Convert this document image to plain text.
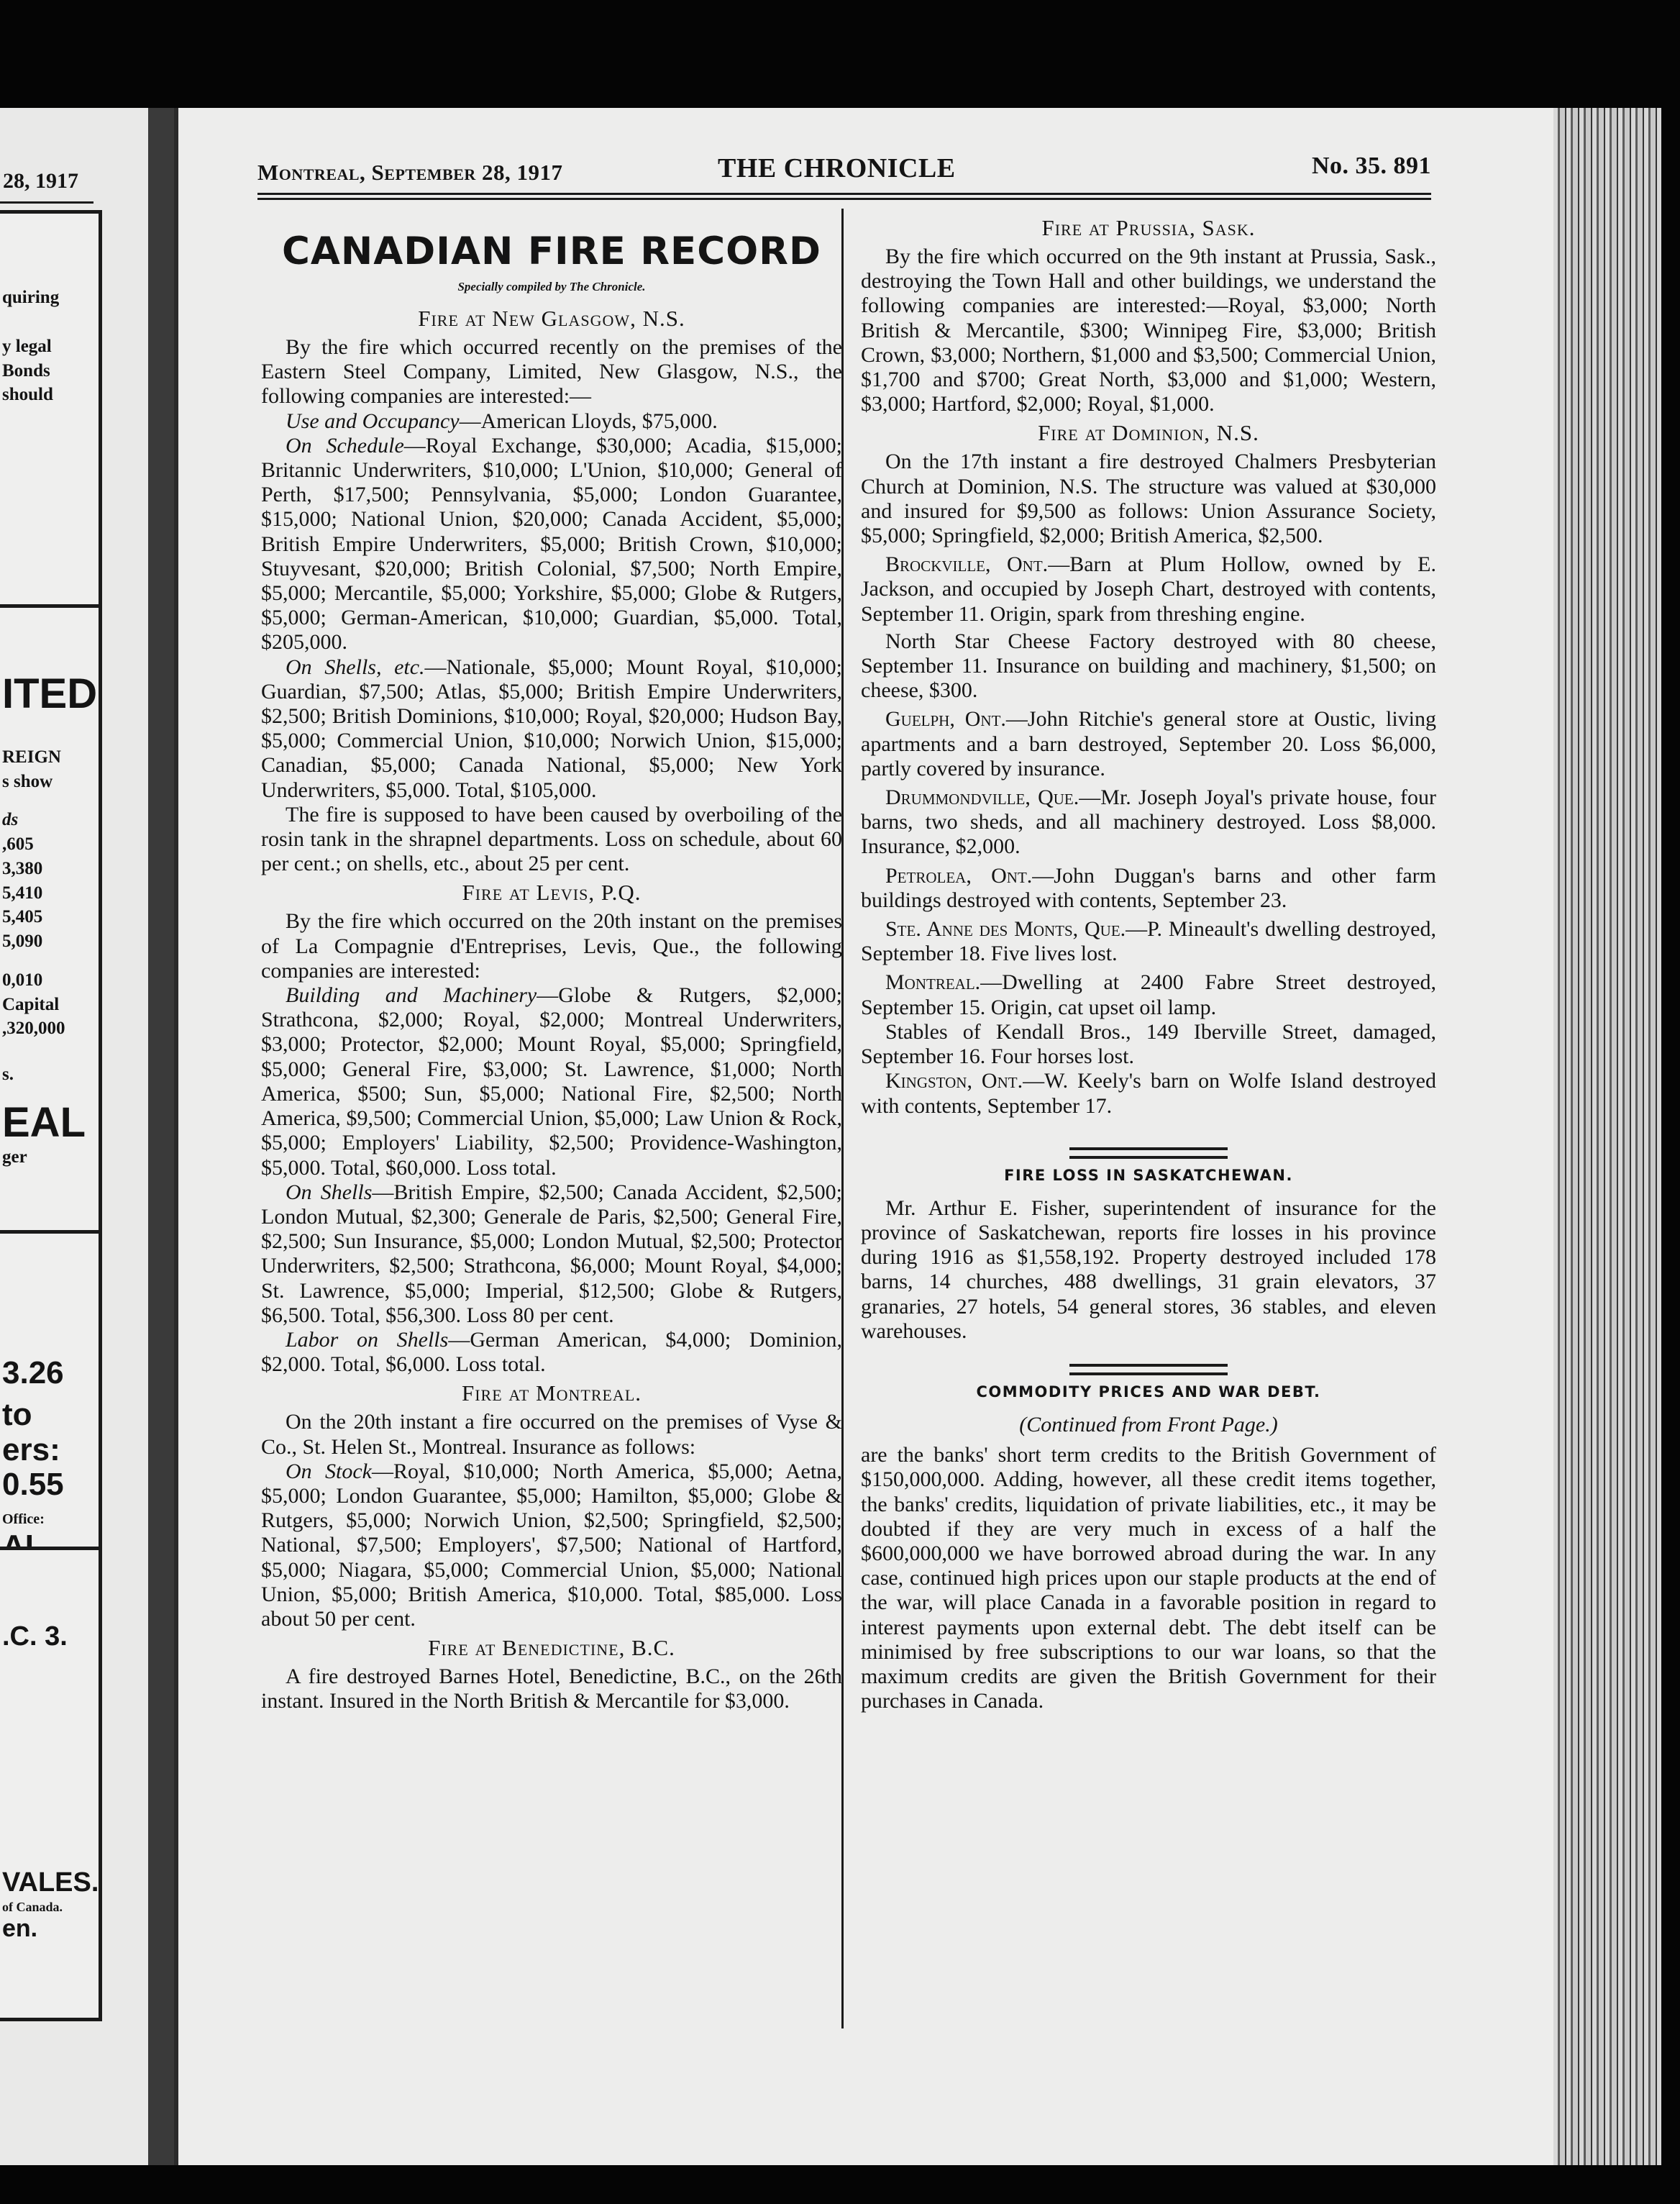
28, 1917
quiring
y legal
Bonds
should
ITED
REIGN
s show
ds
,605
3,380
5,410
5,405
5,090
0,010
Capital
,320,000
s.
EAL
ger
3.26
to
ers:
0.55
Office:
.C. 3.
VALES.
of Canada.
en.
Montreal, September 28, 1917	THE CHRONICLE	No. 35. 891
CANADIAN FIRE RECORD
Specially compiled by The Chronicle.
Fire at New Glasgow, N.S.

By the fire which occurred recently on the premises of the Eastern Steel Company, Limited, New Glasgow, N.S., the following companies are interested:—

Use and Occupancy—American Lloyds, $75,000.

On Schedule—Royal Exchange, $30,000; Acadia, $15,000; Britannic Underwriters, $10,000; L'Union, $10,000; General of Perth, $17,500; Pennsylvania, $5,000; London Guarantee, $15,000; National Union, $20,000; Canada Accident, $5,000; British Empire Underwriters, $5,000; British Crown, $10,000; Stuyvesant, $20,000; British Colonial, $7,500; North Empire, $5,000; Mercantile, $5,000; Yorkshire, $5,000; Globe & Rutgers, $5,000; German-American, $10,000; Guardian, $5,000. Total, $205,000.

On Shells, etc.—Nationale, $5,000; Mount Royal, $10,000; Guardian, $7,500; Atlas, $5,000; British Empire Underwriters, $2,500; British Dominions, $10,000; Royal, $20,000; Hudson Bay, $5,000; Commercial Union, $10,000; Norwich Union, $15,000; Canadian, $5,000; Canada National, $5,000; New York Underwriters, $5,000. Total, $105,000.

The fire is supposed to have been caused by overboiling of the rosin tank in the shrapnel departments. Loss on schedule, about 60 per cent.; on shells, etc., about 25 per cent.

Fire at Levis, P.Q.

By the fire which occurred on the 20th instant on the premises of La Compagnie d'Entreprises, Levis, Que., the following companies are interested:

Building and Machinery—Globe & Rutgers, $2,000; Strathcona, $2,000; Royal, $2,000; Montreal Underwriters, $3,000; Protector, $2,000; Mount Royal, $5,000; Springfield, $5,000; General Fire, $3,000; St. Lawrence, $1,000; North America, $500; Sun, $5,000; National Fire, $2,500; North America, $9,500; Commercial Union, $5,000; Law Union & Rock, $5,000; Employers' Liability, $2,500; Providence-Washington, $5,000. Total, $60,000. Loss total.

On Shells—British Empire, $2,500; Canada Accident, $2,500; London Mutual, $2,300; Generale de Paris, $2,500; General Fire, $2,500; Sun Insurance, $5,000; London Mutual, $2,500; Protector Underwriters, $2,500; Strathcona, $6,000; Mount Royal, $4,000; St. Lawrence, $5,000; Imperial, $12,500; Globe & Rutgers, $6,500. Total, $56,300. Loss 80 per cent.

Labor on Shells—German American, $4,000; Dominion, $2,000. Total, $6,000. Loss total.

Fire at Montreal.

On the 20th instant a fire occurred on the premises of Vyse & Co., St. Helen St., Montreal. Insurance as follows:

On Stock—Royal, $10,000; North America, $5,000; Aetna, $5,000; London Guarantee, $5,000; Hamilton, $5,000; Globe & Rutgers, $5,000; Norwich Union, $2,500; Springfield, $2,500; National, $7,500; Employers', $7,500; National of Hartford, $5,000; Niagara, $5,000; Commercial Union, $5,000; National Union, $5,000; British America, $10,000. Total, $85,000. Loss about 50 per cent.

Fire at Benedictine, B.C.

A fire destroyed Barnes Hotel, Benedictine, B.C., on the 26th instant. Insured in the North British & Mercantile for $3,000.

Fire at Prussia, Sask.

By the fire which occurred on the 9th instant at Prussia, Sask., destroying the Town Hall and other buildings, we understand the following companies are interested:—Royal, $3,000; North British & Mercantile, $300; Winnipeg Fire, $3,000; British Crown, $3,000; Northern, $1,000 and $3,500; Commercial Union, $1,700 and $700; Great North, $3,000 and $1,000; Western, $3,000; Hartford, $2,000; Royal, $1,000.

Fire at Dominion, N.S.

On the 17th instant a fire destroyed Chalmers Presbyterian Church at Dominion, N.S. The structure was valued at $30,000 and insured for $9,500 as follows: Union Assurance Society, $5,000; Springfield, $2,000; British America, $2,500.

Brockville, Ont.—Barn at Plum Hollow, owned by E. Jackson, and occupied by Joseph Chart, destroyed with contents, September 11. Origin, spark from threshing engine.

North Star Cheese Factory destroyed with 80 cheese, September 11. Insurance on building and machinery, $1,500; on cheese, $300.

Guelph, Ont.—John Ritchie's general store at Oustic, living apartments and a barn destroyed, September 20. Loss $6,000, partly covered by insurance.

Drummondville, Que.—Mr. Joseph Joyal's private house, four barns, two sheds, and all machinery destroyed. Loss $8,000. Insurance, $2,000.

Petrolea, Ont.—John Duggan's barns and other farm buildings destroyed with contents, September 23.

Ste. Anne des Monts, Que.—P. Mineault's dwelling destroyed, September 18. Five lives lost.

Montreal.—Dwelling at 2400 Fabre Street destroyed, September 15. Origin, cat upset oil lamp.

Stables of Kendall Bros., 149 Iberville Street, damaged, September 16. Four horses lost.

Kingston, Ont.—W. Keely's barn on Wolfe Island destroyed with contents, September 17.

FIRE LOSS IN SASKATCHEWAN.

Mr. Arthur E. Fisher, superintendent of insurance for the province of Saskatchewan, reports fire losses in his province during 1916 as $1,558,192. Property destroyed included 178 barns, 14 churches, 488 dwellings, 31 grain elevators, 37 granaries, 27 hotels, 54 general stores, 36 stables, and eleven warehouses.

COMMODITY PRICES AND WAR DEBT.
(Continued from Front Page.)

are the banks' short term credits to the British Government of $150,000,000. Adding, however, all these credit items together, the banks' credits, liquidation of private liabilities, etc., it may be doubted if they are very much in excess of a half the $600,000,000 we have borrowed abroad during the war. In any case, continued high prices upon our staple products at the end of the war, will place Canada in a favorable position in regard to interest payments upon external debt. The debt itself can be minimised by free subscriptions to our war loans, so that the maximum credits are given the British Government for their purchases in Canada.
